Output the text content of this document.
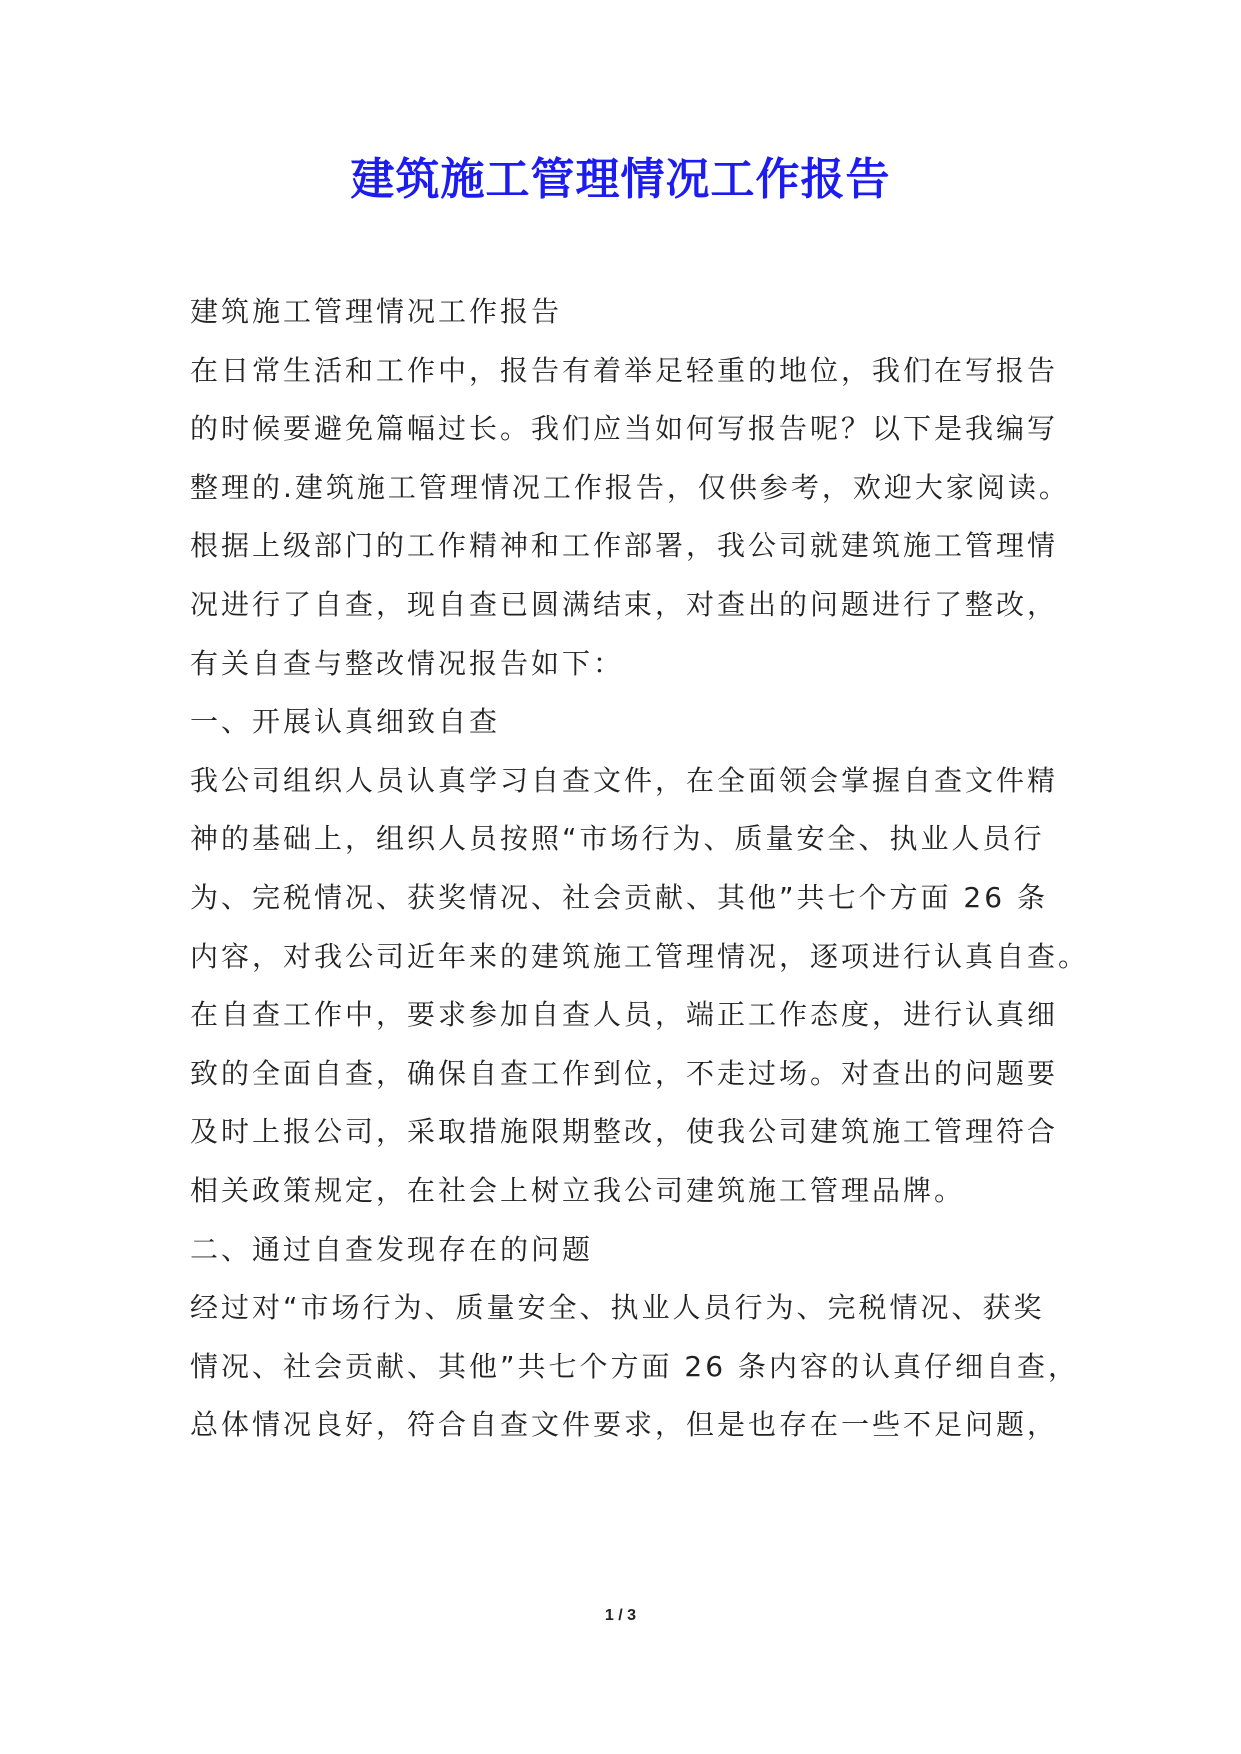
建筑施工管理情况工作报告
建筑施工管理情况工作报告
在日常生活和工作中，报告有着举足轻重的地位，我们在写报告
的时候要避免篇幅过长。我们应当如何写报告呢？以下是我编写
整理的.建筑施工管理情况工作报告，仅供参考，欢迎大家阅读。
根据上级部门的工作精神和工作部署，我公司就建筑施工管理情
况进行了自查，现自查已圆满结束，对查出的问题进行了整改，
有关自查与整改情况报告如下：
一、开展认真细致自查
我公司组织人员认真学习自查文件，在全面领会掌握自查文件精
神的基础上，组织人员按照“市场行为、质量安全、执业人员行
为、完税情况、获奖情况、社会贡献、其他”共七个方面 26 条
内容，对我公司近年来的建筑施工管理情况，逐项进行认真自查。
在自查工作中，要求参加自查人员，端正工作态度，进行认真细
致的全面自查，确保自查工作到位，不走过场。对查出的问题要
及时上报公司，采取措施限期整改，使我公司建筑施工管理符合
相关政策规定，在社会上树立我公司建筑施工管理品牌。
二、通过自查发现存在的问题
经过对“市场行为、质量安全、执业人员行为、完税情况、获奖
情况、社会贡献、其他”共七个方面 26 条内容的认真仔细自查，
总体情况良好，符合自查文件要求，但是也存在一些不足问题，
1 / 3
